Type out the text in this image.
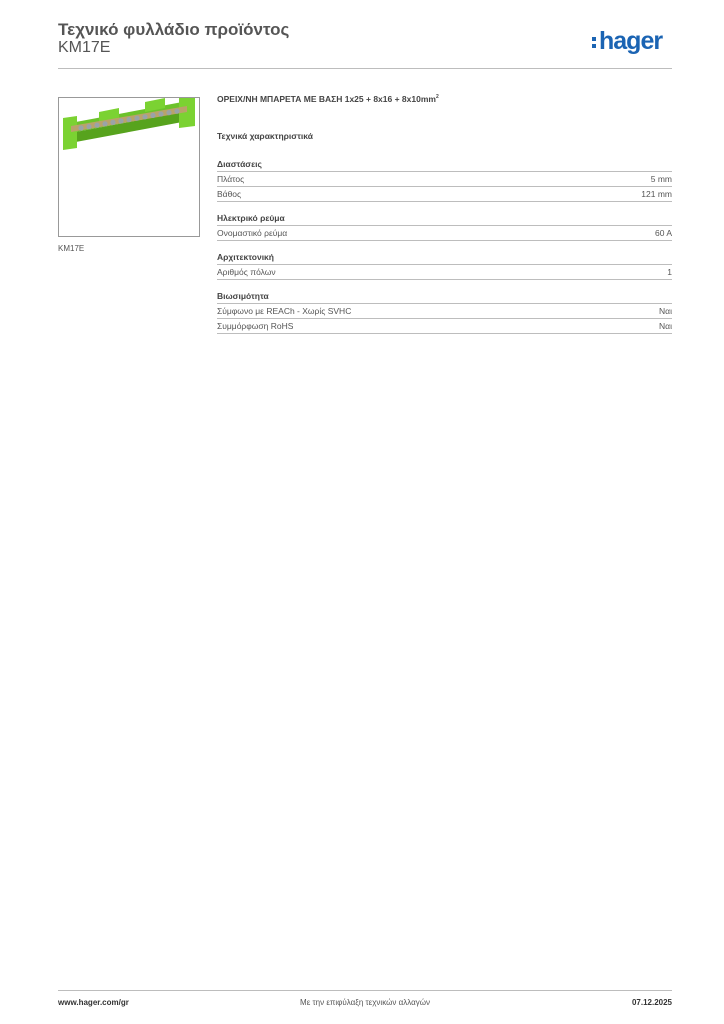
Τεχνικό φυλλάδιο προϊόντος
KM17E	hager
KM17E
ΟΡΕΙΧ/ΝΗ ΜΠΑΡΕΤΑ ΜΕ ΒΑΣΗ $1x25 + 8x16 + 8x10mm^2$
Τεχνικά χαρακτηριστικά
Διαστάσεις
Πλάτος	5 mm
Βάθος	121 mm
Ηλεκτρικό ρεύμα
Ονομαστικό ρεύμα	60 A
Αρχιτεκτονική
Αριθμός πόλων	1
Βιωσιμότητα
Σύμφωνο με REACh - Χωρίς SVHC	Ναι
Συμμόρφωση RoHS	Ναι
www.hager.com/gr	Με την επιφύλαξη τεχνικών αλλαγών	07.12.2025
